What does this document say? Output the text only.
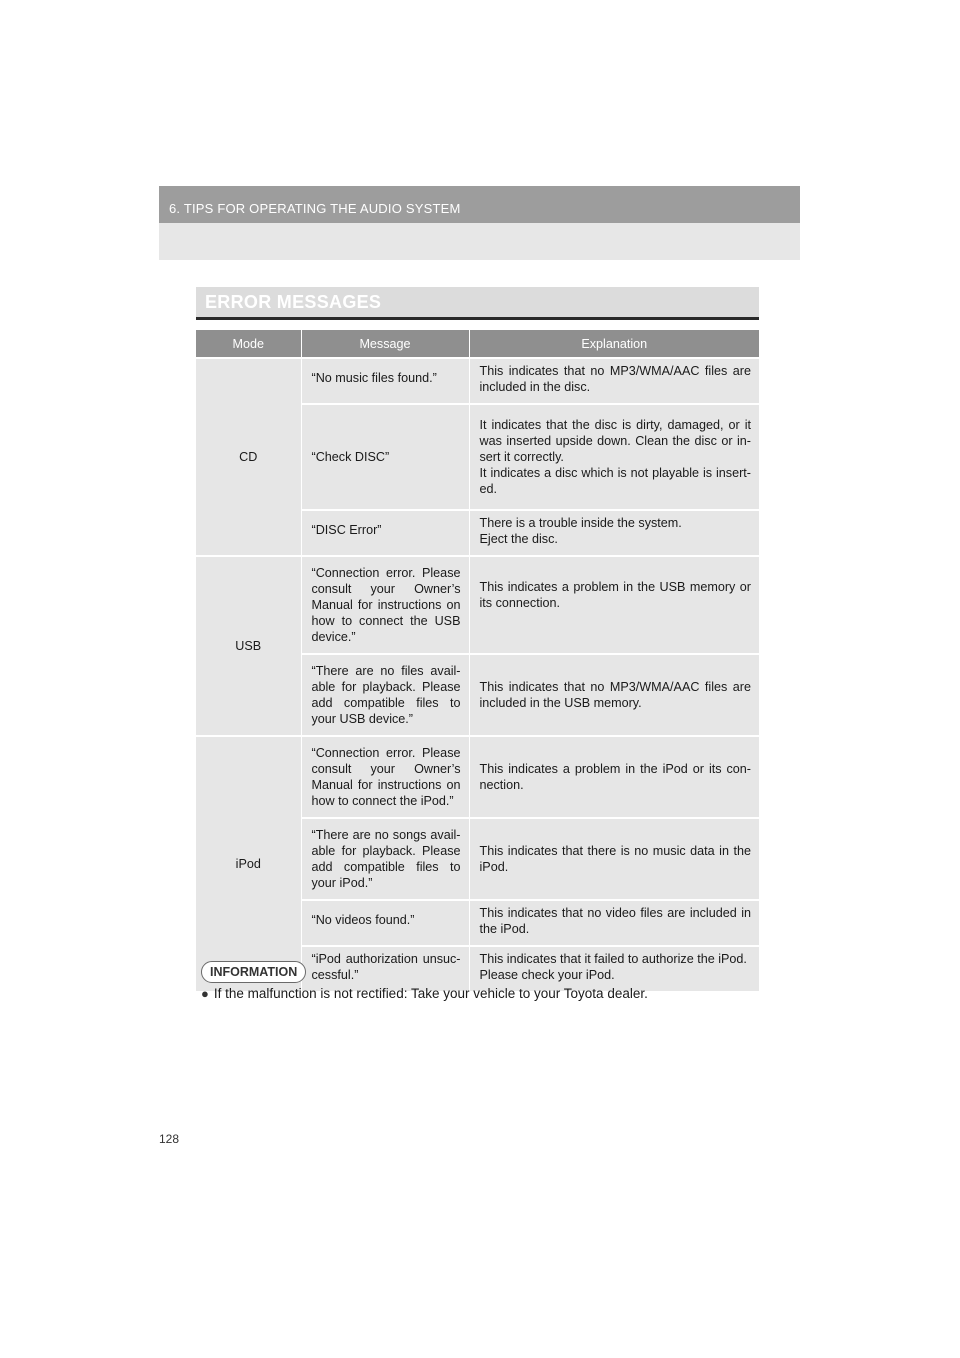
6. TIPS FOR OPERATING THE AUDIO SYSTEM
ERROR MESSAGES
Mode	Message	Explanation
CD	“No music files found.”	This indicates that no MP3/WMA/AAC files are included in the disc.
	“Check DISC”	It indicates that the disc is dirty, damaged, or it was inserted upside down. Clean the disc or in- sert it correctly.
It indicates a disc which is not playable is insert- ed.
	“DISC Error”	There is a trouble inside the system.
Eject the disc.
USB	“Connection error. Please consult your Owner’s Manual for instructions on how to connect the USB device.”	This indicates a problem in the USB memory or its connection.
	“There are no files avail- able for playback. Please add compatible files to your USB device.”	This indicates that no MP3/WMA/AAC files are included in the USB memory.
iPod	“Connection error. Please consult your Owner’s Manual for instructions on how to connect the iPod.”	This indicates a problem in the iPod or its con- nection.
	“There are no songs avail- able for playback. Please add compatible files to your iPod.”	This indicates that there is no music data in the iPod.
	“No videos found.”	This indicates that no video files are included in the iPod.
	“iPod authorization unsuc- cessful.”	This indicates that it failed to authorize the iPod.
Please check your iPod.
INFORMATION
● If the malfunction is not rectified: Take your vehicle to your Toyota dealer.
128
